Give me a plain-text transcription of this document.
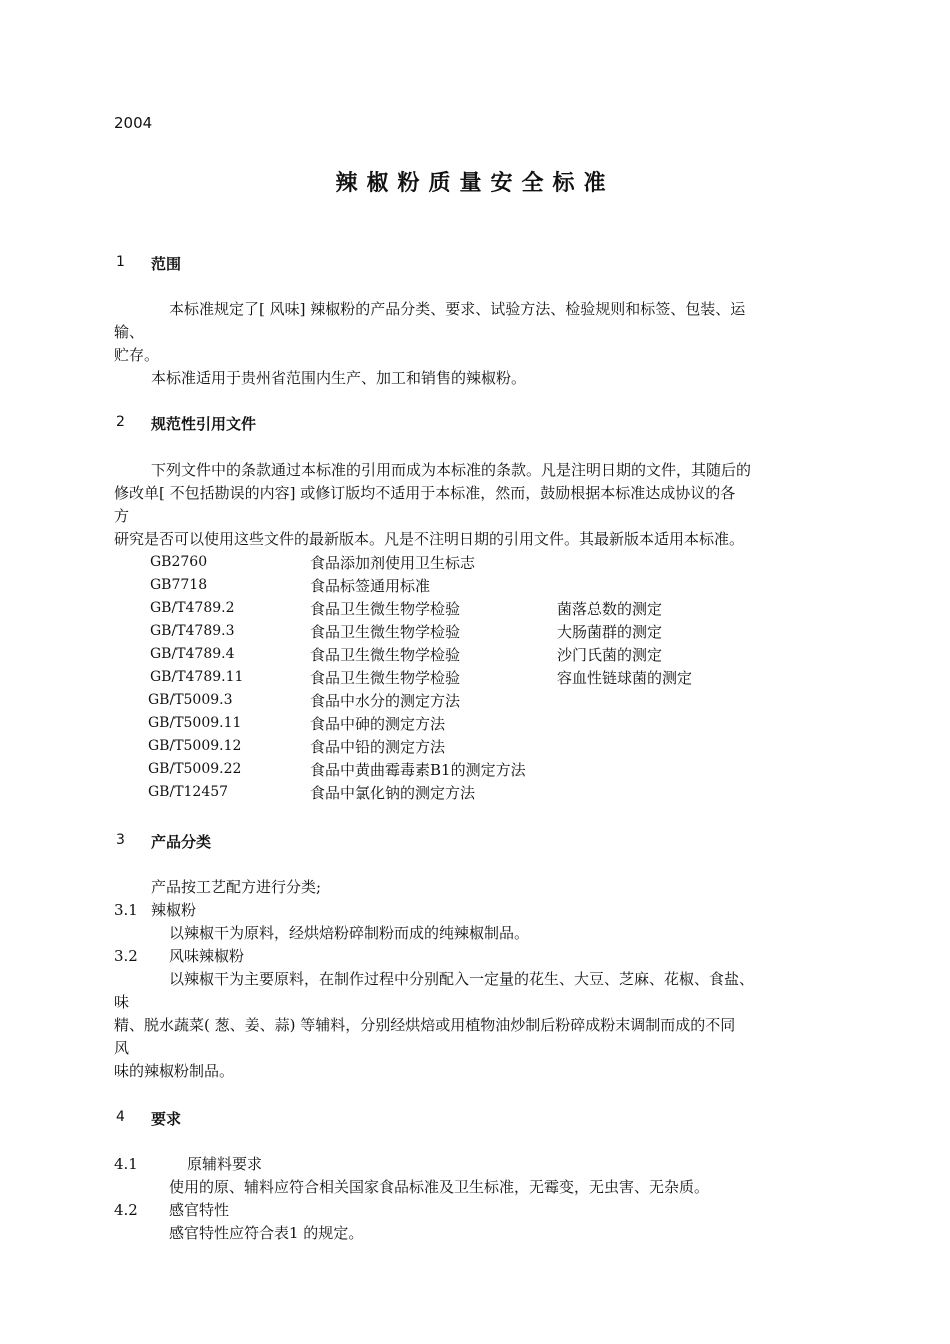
2004
辣椒粉质量安全标准
1 范围
本标准规定了[ 风味] 辣椒粉的产品分类、要求、试验方法、检验规则和标签、包装、运
输、
贮存。
本标准适用于贵州省范围内生产、加工和销售的辣椒粉。
2 规范性引用文件
下列文件中的条款通过本标准的引用而成为本标准的条款。凡是注明日期的文件，其随后的
修改单[ 不包括勘误的内容] 或修订版均不适用于本标准，然而，鼓励根据本标准达成协议的各
方
研究是否可以使用这些文件的最新版本。凡是不注明日期的引用文件。其最新版本适用本标准。
GB2760	食品添加剂使用卫生标志
GB7718	食品标签通用标准
GB/T4789.2	食品卫生微生物学检验	菌落总数的测定
GB/T4789.3	食品卫生微生物学检验	大肠菌群的测定
GB/T4789.4	食品卫生微生物学检验	沙门氏菌的测定
GB/T4789.11	食品卫生微生物学检验	容血性链球菌的测定
GB/T5009.3	食品中水分的测定方法
GB/T5009.11	食品中砷的测定方法
GB/T5009.12	食品中铅的测定方法
GB/T5009.22	食品中黄曲霉毒素B1的测定方法
GB/T12457	食品中氯化钠的测定方法
3 产品分类
产品按工艺配方进行分类;
3.1 辣椒粉
以辣椒干为原料，经烘焙粉碎制粉而成的纯辣椒制品。
3.2 风味辣椒粉
以辣椒干为主要原料，在制作过程中分别配入一定量的花生、大豆、芝麻、花椒、食盐、
味
精、脱水蔬菜( 葱、姜、蒜) 等辅料，分别经烘焙或用植物油炒制后粉碎成粉末调制而成的不同
风
味的辣椒粉制品。
4 要求
4.1	原辅料要求
使用的原、辅料应符合相关国家食品标准及卫生标准，无霉变，无虫害、无杂质。
4.2 感官特性
感官特性应符合表1 的规定。
